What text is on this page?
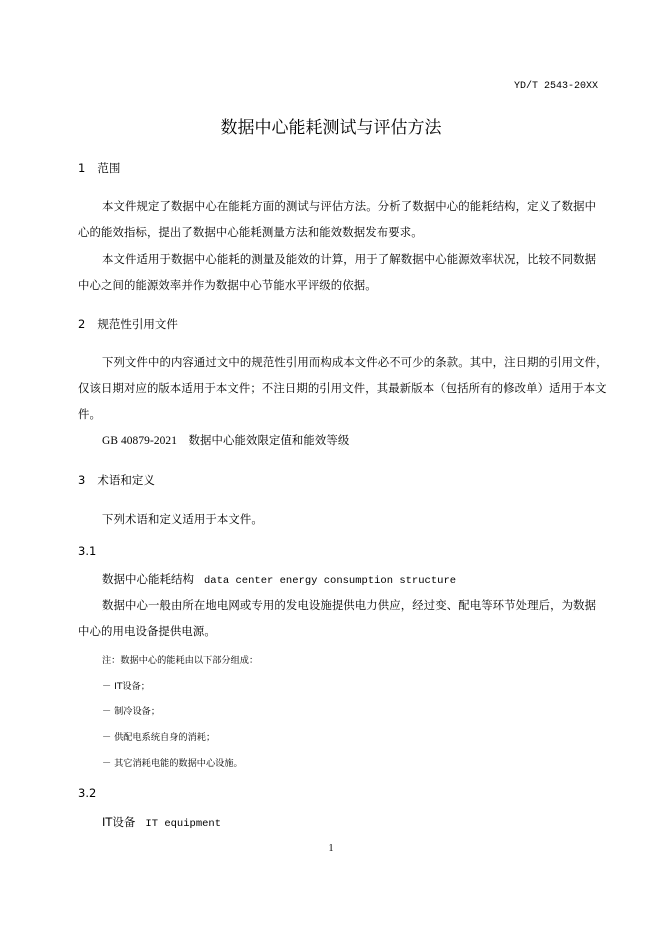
YD/T 2543-20XX
数据中心能耗测试与评估方法
1 范围
本文件规定了数据中心在能耗方面的测试与评估方法。分析了数据中心的能耗结构，定义了数据中
心的能效指标，提出了数据中心能耗测量方法和能效数据发布要求。
本文件适用于数据中心能耗的测量及能效的计算，用于了解数据中心能源效率状况，比较不同数据
中心之间的能源效率并作为数据中心节能水平评级的依据。
2 规范性引用文件
下列文件中的内容通过文中的规范性引用而构成本文件必不可少的条款。其中，注日期的引用文件，
仅该日期对应的版本适用于本文件；不注日期的引用文件，其最新版本（包括所有的修改单）适用于本文
件。
GB 40879-2021　数据中心能效限定值和能效等级
3 术语和定义
下列术语和定义适用于本文件。
3.1
数据中心能耗结构 data center energy consumption structure
数据中心一般由所在地电网或专用的发电设施提供电力供应，经过变、配电等环节处理后，为数据
中心的用电设备提供电源。
注：数据中心的能耗由以下部分组成：
－ IT设备；
－ 制冷设备；
－ 供配电系统自身的消耗；
－ 其它消耗电能的数据中心设施。
3.2
IT设备 IT equipment
1
